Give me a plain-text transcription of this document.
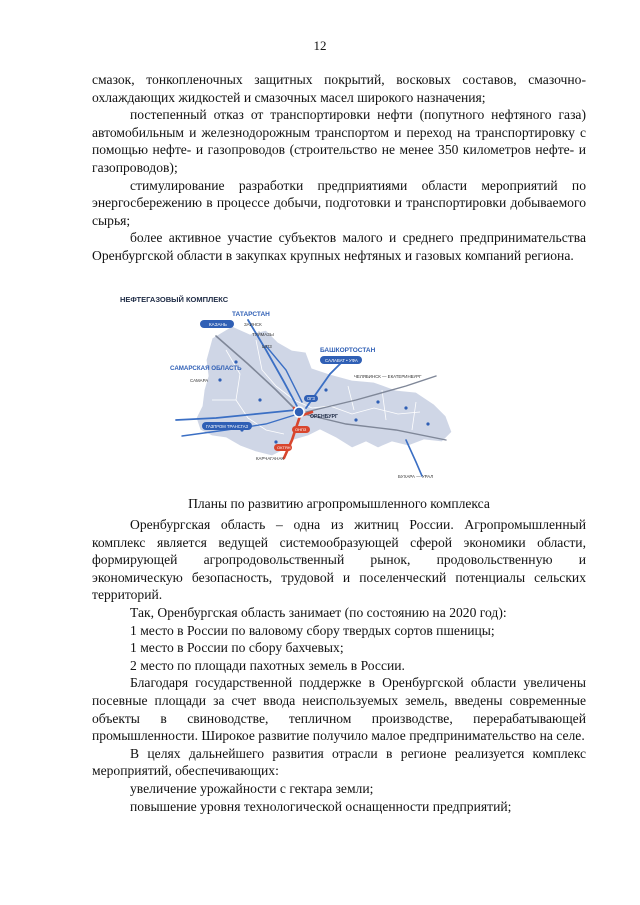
12

смазок, тонкопленочных защитных покрытий, восковых составов, смазочно-охлаждающих жидкостей и смазочных масел широкого назначения;

постепенный отказ от транспортировки нефти (попутного нефтяного газа) автомобильным и железнодорожным транспортом и переход на транспортировку с помощью нефте- и газопроводов (строительство не менее 350 километров нефте- и газопроводов);

стимулирование разработки предприятиями области мероприятий по энергосбережению в процессе добычи, подготовки и транспортировки добываемого сырья;

более активное участие субъектов малого и среднего предпринимательства Оренбургской области в закупках крупных нефтяных и газовых компаний региона.

НЕФТЕГАЗОВЫЙ КОМПЛЕКС
ТАТАРСТАН
КАЗАНЬ	ЗАИНСК
ТУЙМАЗЫ
ШПЗ
БАШКОРТОСТАН
САЛАВАТ • УФА
САМАРСКАЯ ОБЛАСТЬ
САМАРА
ЧЕЛЯБИНСК — ЕКАТЕРИНБУРГ
ОГЗ
ГАЗПРОМ ТРАНСГАЗ
ОРЕНБУРГ
ОНПЗ
ОКТЯН
КАРЧАГАНАК
БУХАРА — УРАЛ
Планы по развитию агропромышленного комплекса

Оренбургская область – одна из житниц России. Агропромышленный комплекс является ведущей системообразующей сферой экономики области, формирующей агропродовольственный рынок, продовольственную и экономическую безопасность, трудовой и поселенческий потенциалы сельских территорий.

Так, Оренбургская область занимает (по состоянию на 2020 год):

1 место в России по валовому сбору твердых сортов пшеницы;

1 место в России по сбору бахчевых;

2 место по площади пахотных земель в России.

Благодаря государственной поддержке в Оренбургской области увеличены посевные площади за счет ввода неиспользуемых земель, введены современные объекты в свиноводстве, тепличном производстве, перерабатывающей промышленности. Широкое развитие получило малое предпринимательство на селе.

В целях дальнейшего развития отрасли в регионе реализуется комплекс мероприятий, обеспечивающих:

увеличение урожайности с гектара земли;

повышение уровня технологической оснащенности предприятий;
